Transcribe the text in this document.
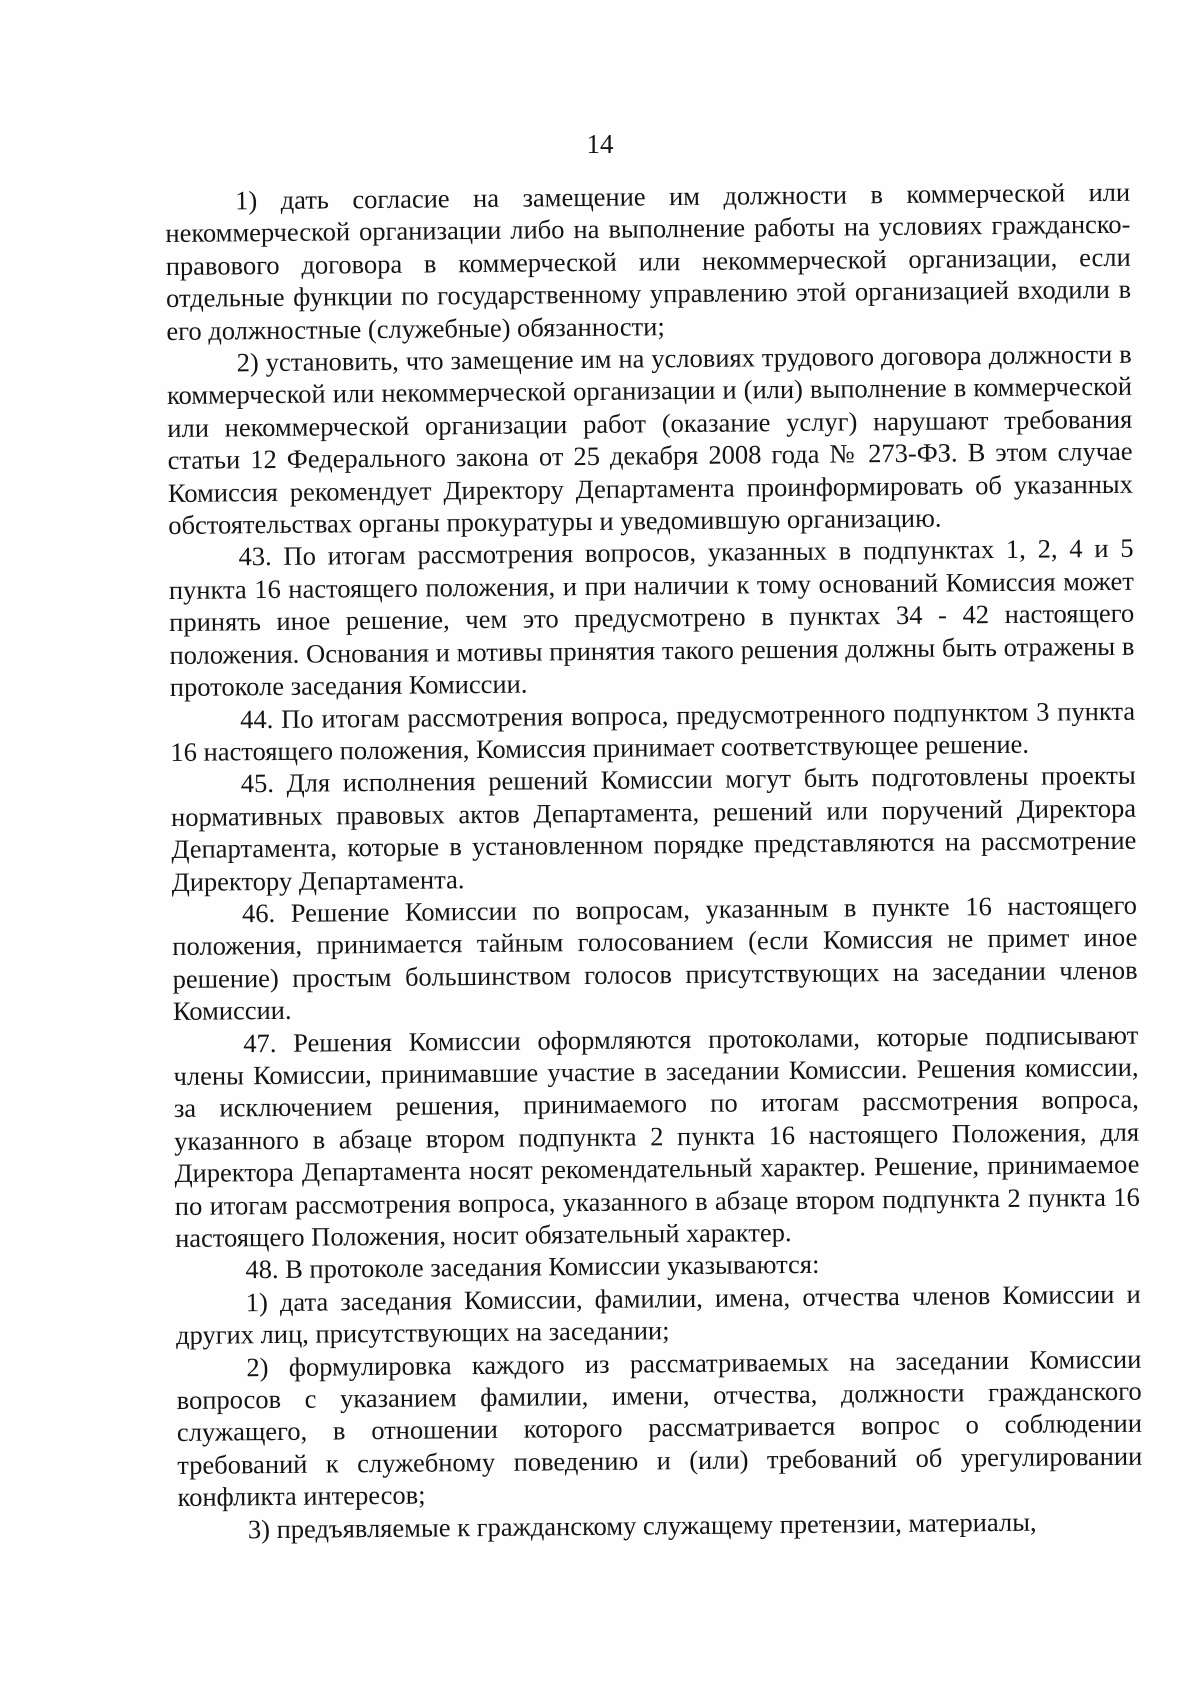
14

1) дать согласие на замещение им должности в коммерческой или некоммерческой организации либо на выполнение работы на условиях гражданско-правового договора в коммерческой или некоммерческой организации, если отдельные функции по государственному управлению этой организацией входили в его должностные (служебные) обязанности;

2) установить, что замещение им на условиях трудового договора должности в коммерческой или некоммерческой организации и (или) выполнение в коммерческой или некоммерческой организации работ (оказание услуг) нарушают требования статьи 12 Федерального закона от 25 декабря 2008 года № 273-ФЗ. В этом случае Комиссия рекомендует Директору Департамента проинформировать об указанных обстоятельствах органы прокуратуры и уведомившую организацию.

43. По итогам рассмотрения вопросов, указанных в подпунктах 1, 2, 4 и 5 пункта 16 настоящего положения, и при наличии к тому оснований Комиссия может принять иное решение, чем это предусмотрено в пунктах 34 - 42 настоящего положения. Основания и мотивы принятия такого решения должны быть отражены в протоколе заседания Комиссии.

44. По итогам рассмотрения вопроса, предусмотренного подпунктом 3 пункта 16 настоящего положения, Комиссия принимает соответствующее решение.

45. Для исполнения решений Комиссии могут быть подготовлены проекты нормативных правовых актов Департамента, решений или поручений Директора Департамента, которые в установленном порядке представляются на рассмотрение Директору Департамента.

46. Решение Комиссии по вопросам, указанным в пункте 16 настоящего положения, принимается тайным голосованием (если Комиссия не примет иное решение) простым большинством голосов присутствующих на заседании членов Комиссии.

47. Решения Комиссии оформляются протоколами, которые подписывают члены Комиссии, принимавшие участие в заседании Комиссии. Решения комиссии, за исключением решения, принимаемого по итогам рассмотрения вопроса, указанного в абзаце втором подпункта 2 пункта 16 настоящего Положения, для Директора Департамента носят рекомендательный характер. Решение, принимаемое по итогам рассмотрения вопроса, указанного в абзаце втором подпункта 2 пункта 16 настоящего Положения, носит обязательный характер.

48. В протоколе заседания Комиссии указываются:

1) дата заседания Комиссии, фамилии, имена, отчества членов Комиссии и других лиц, присутствующих на заседании;

2) формулировка каждого из рассматриваемых на заседании Комиссии вопросов с указанием фамилии, имени, отчества, должности гражданского служащего, в отношении которого рассматривается вопрос о соблюдении требований к служебному поведению и (или) требований об урегулировании конфликта интересов;

3) предъявляемые к гражданскому служащему претензии, материалы,
